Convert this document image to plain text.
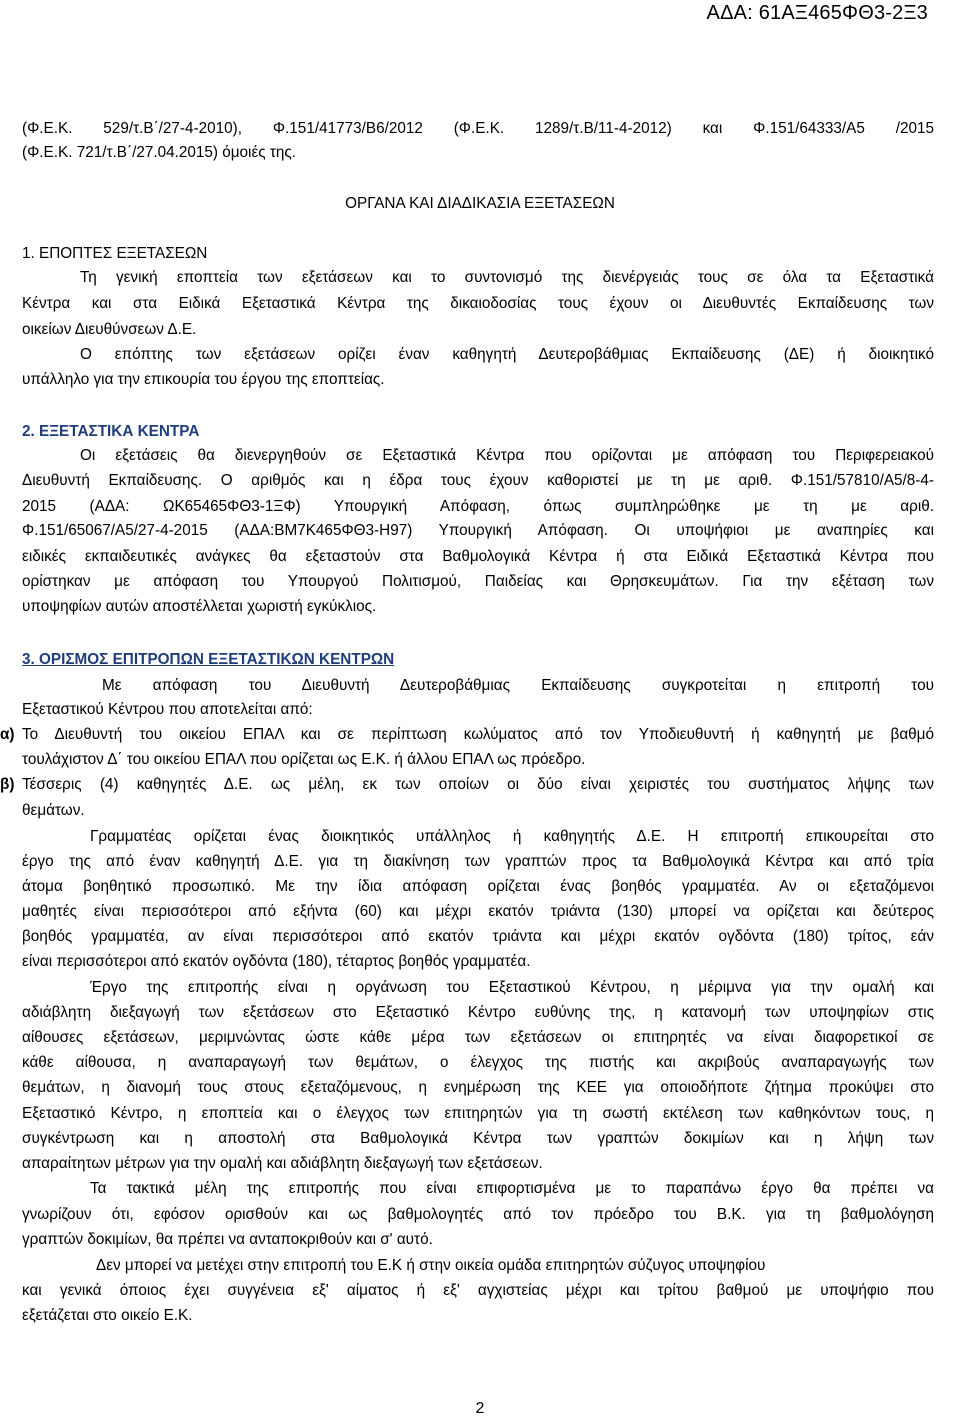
ΑΔΑ: 61ΑΞ465ΦΘ3-2Ξ3
(Φ.Ε.Κ. 529/τ.Β΄/27-4-2010), Φ.151/41773/Β6/2012 (Φ.Ε.Κ. 1289/τ.Β/11-4-2012) και Φ.151/64333/Α5 /2015
(Φ.Ε.Κ. 721/τ.Β΄/27.04.2015) όμοιές της.
ΟΡΓΑΝΑ ΚΑΙ ΔΙΑΔΙΚΑΣΙΑ ΕΞΕΤΑΣΕΩΝ
1. ΕΠΟΠΤΕΣ ΕΞΕΤΑΣΕΩΝ
Τη γενική εποπτεία των εξετάσεων και το συντονισμό της διενέργειάς τους σε όλα τα Εξεταστικά
Κέντρα και στα Ειδικά Εξεταστικά Κέντρα της δικαιοδοσίας τους έχουν οι Διευθυντές Εκπαίδευσης των
οικείων Διευθύνσεων Δ.Ε.
Ο επόπτης των εξετάσεων ορίζει έναν καθηγητή Δευτεροβάθμιας Εκπαίδευσης (ΔΕ) ή διοικητικό
υπάλληλο για την επικουρία του έργου της εποπτείας.
2. ΕΞΕΤΑΣΤΙΚΑ ΚΕΝΤΡΑ
Οι εξετάσεις θα διενεργηθούν σε Εξεταστικά Κέντρα που ορίζονται με απόφαση του Περιφερειακού
Διευθυντή Εκπαίδευσης. Ο αριθμός και η έδρα τους έχουν καθοριστεί με τη με αριθ. Φ.151/57810/Α5/8-4-
2015 (ΑΔΑ: ΩΚ65465ΦΘ3-1ΞΦ) Υπουργική Απόφαση, όπως συμπληρώθηκε με τη με αριθ.
Φ.151/65067/Α5/27-4-2015 (ΑΔΑ:ΒΜ7Κ465ΦΘ3-Η97) Υπουργική Απόφαση. Οι υποψήφιοι με αναπηρίες και
ειδικές εκπαιδευτικές ανάγκες θα εξεταστούν στα Βαθμολογικά Κέντρα ή στα Ειδικά Εξεταστικά Κέντρα που
ορίστηκαν με απόφαση του Υπουργού Πολιτισμού, Παιδείας και Θρησκευμάτων. Για την εξέταση των
υποψηφίων αυτών αποστέλλεται χωριστή εγκύκλιος.
3. ΟΡΙΣΜΟΣ ΕΠΙΤΡΟΠΩΝ ΕΞΕΤΑΣΤΙΚΩΝ ΚΕΝΤΡΩΝ
Με απόφαση του Διευθυντή Δευτεροβάθμιας Εκπαίδευσης συγκροτείται η επιτροπή του
Εξεταστικού Κέντρου που αποτελείται από:
α) Το Διευθυντή του οικείου ΕΠΑΛ και σε περίπτωση κωλύματος από τον Υποδιευθυντή ή καθηγητή με βαθμό
τουλάχιστον Δ΄ του οικείου ΕΠΑΛ που ορίζεται ως Ε.Κ. ή άλλου ΕΠΑΛ ως πρόεδρο.
β) Τέσσερις (4) καθηγητές Δ.Ε. ως μέλη, εκ των οποίων οι δύο είναι χειριστές του συστήματος λήψης των
θεμάτων.
Γραμματέας ορίζεται ένας διοικητικός υπάλληλος ή καθηγητής Δ.Ε. Η επιτροπή επικουρείται στο
έργο της από έναν καθηγητή Δ.Ε. για τη διακίνηση των γραπτών προς τα Βαθμολογικά Κέντρα και από τρία
άτομα βοηθητικό προσωπικό. Με την ίδια απόφαση ορίζεται ένας βοηθός γραμματέα. Αν οι εξεταζόμενοι
μαθητές είναι περισσότεροι από εξήντα (60) και μέχρι εκατόν τριάντα (130) μπορεί να ορίζεται και δεύτερος
βοηθός γραμματέα, αν είναι περισσότεροι από εκατόν τριάντα και μέχρι εκατόν ογδόντα (180) τρίτος, εάν
είναι περισσότεροι από εκατόν ογδόντα (180), τέταρτος βοηθός γραμματέα.
Έργο της επιτροπής είναι η οργάνωση του Εξεταστικού Κέντρου, η μέριμνα για την ομαλή και
αδιάβλητη διεξαγωγή των εξετάσεων στο Εξεταστικό Κέντρο ευθύνης της, η κατανομή των υποψηφίων στις
αίθουσες εξετάσεων, μεριμνώντας ώστε κάθε μέρα των εξετάσεων οι επιτηρητές να είναι διαφορετικοί σε
κάθε αίθουσα, η αναπαραγωγή των θεμάτων, ο έλεγχος της πιστής και ακριβούς αναπαραγωγής των
θεμάτων, η διανομή τους στους εξεταζόμενους, η ενημέρωση της ΚΕΕ για οποιοδήποτε ζήτημα προκύψει στο
Εξεταστικό Κέντρο, η εποπτεία και ο έλεγχος των επιτηρητών για τη σωστή εκτέλεση των καθηκόντων τους, η
συγκέντρωση και η αποστολή στα Βαθμολογικά Κέντρα των γραπτών δοκιμίων και η λήψη των
απαραίτητων μέτρων για την ομαλή και αδιάβλητη διεξαγωγή των εξετάσεων.
Τα τακτικά μέλη της επιτροπής που είναι επιφορτισμένα με το παραπάνω έργο θα πρέπει να
γνωρίζουν ότι, εφόσον ορισθούν και ως βαθμολογητές από τον πρόεδρο του Β.Κ. για τη βαθμολόγηση
γραπτών δοκιμίων, θα πρέπει να ανταποκριθούν και σ' αυτό.
Δεν μπορεί να μετέχει στην επιτροπή του Ε.Κ ή στην οικεία ομάδα επιτηρητών σύζυγος υποψηφίου
και γενικά όποιος έχει συγγένεια εξ' αίματος ή εξ' αγχιστείας μέχρι και τρίτου βαθμού με υποψήφιο που
εξετάζεται στο οικείο Ε.Κ.
2
